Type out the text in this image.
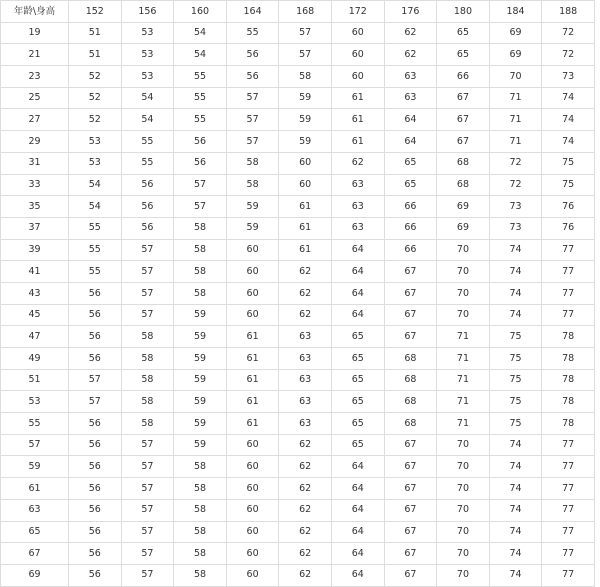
年龄\身高	152	156	160	164	168	172	176	180	184	188
19	51	53	54	55	57	60	62	65	69	72
21	51	53	54	56	57	60	62	65	69	72
23	52	53	55	56	58	60	63	66	70	73
25	52	54	55	57	59	61	63	67	71	74
27	52	54	55	57	59	61	64	67	71	74
29	53	55	56	57	59	61	64	67	71	74
31	53	55	56	58	60	62	65	68	72	75
33	54	56	57	58	60	63	65	68	72	75
35	54	56	57	59	61	63	66	69	73	76
37	55	56	58	59	61	63	66	69	73	76
39	55	57	58	60	61	64	66	70	74	77
41	55	57	58	60	62	64	67	70	74	77
43	56	57	58	60	62	64	67	70	74	77
45	56	57	59	60	62	64	67	70	74	77
47	56	58	59	61	63	65	67	71	75	78
49	56	58	59	61	63	65	68	71	75	78
51	57	58	59	61	63	65	68	71	75	78
53	57	58	59	61	63	65	68	71	75	78
55	56	58	59	61	63	65	68	71	75	78
57	56	57	59	60	62	65	67	70	74	77
59	56	57	58	60	62	64	67	70	74	77
61	56	57	58	60	62	64	67	70	74	77
63	56	57	58	60	62	64	67	70	74	77
65	56	57	58	60	62	64	67	70	74	77
67	56	57	58	60	62	64	67	70	74	77
69	56	57	58	60	62	64	67	70	74	77
